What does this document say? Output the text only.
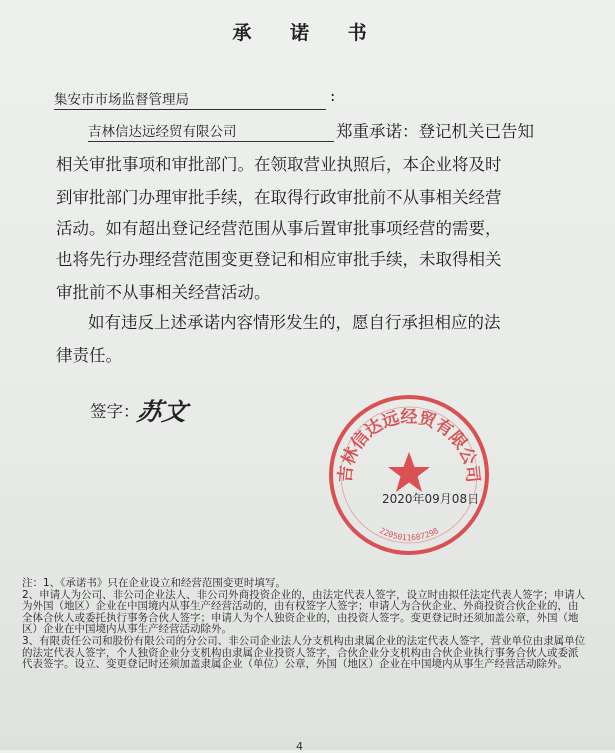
承 诺 书
集安市市场监督管理局	:
吉林信达远经贸有限公司	郑重承诺：登记机关已告知
相关审批事项和审批部门。在领取营业执照后，本企业将及时
到审批部门办理审批手续，在取得行政审批前不从事相关经营
活动。如有超出登记经营范围从事后置审批事项经营的需要，
也将先行办理经营范围变更登记和相应审批手续，未取得相关
审批前不从事相关经营活动。
如有违反上述承诺内容情形发生的，愿自行承担相应的法
律责任。
签字：
苏文
吉林信达远经贸有限公司
2205011687298
2020年09月08日
注：1、《承诺书》只在企业设立和经营范围变更时填写。
2、申请人为公司、非公司企业法人、非公司外商投资企业的，由法定代表人签字，设立时由拟任法定代表人签字；申请人为外国（地区）企业在中国境内从事生产经营活动的，由有权签字人签字；申请人为合伙企业、外商投资合伙企业的，由全体合伙人或委托执行事务合伙人签字；申请人为个人独资企业的，由投资人签字。变更登记时还须加盖公章，外国（地区）企业在中国境内从事生产经营活动除外。
3、有限责任公司和股份有限公司的分公司、非公司企业法人分支机构由隶属企业的法定代表人签字，营业单位由隶属单位的法定代表人签字，个人独资企业分支机构由隶属企业投资人签字，合伙企业分支机构由合伙企业执行事务合伙人或委派代表签字。设立、变更登记时还须加盖隶属企业（单位）公章，外国（地区）企业在中国境内从事生产经营活动除外。
4
